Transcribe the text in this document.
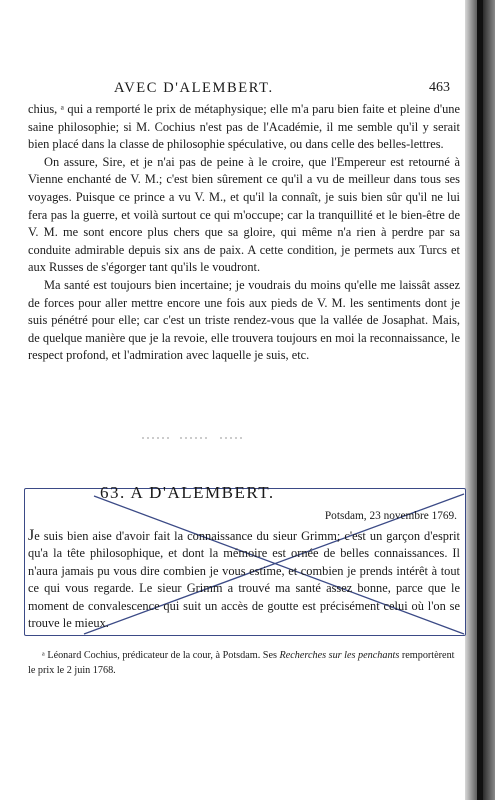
AVEC D'ALEMBERT.	463

chius, ᵃ qui a remporté le prix de métaphysique; elle m'a paru bien faite et pleine d'une saine philosophie; si M. Cochius n'est pas de l'Académie, il me semble qu'il y serait bien placé dans la classe de philosophie spéculative, ou dans celle des belles-lettres.

On assure, Sire, et je n'ai pas de peine à le croire, que l'Empereur est retourné à Vienne enchanté de V. M.; c'est bien sûrement ce qu'il a vu de meilleur dans tous ses voyages. Puisque ce prince a vu V. M., et qu'il la connaît, je suis bien sûr qu'il ne lui fera pas la guerre, et voilà surtout ce qui m'occupe; car la tranquillité et le bien-être de V. M. me sont encore plus chers que sa gloire, qui même n'a rien à perdre par sa conduite admirable depuis six ans de paix. A cette condition, je permets aux Turcs et aux Russes de s'égorger tant qu'ils le voudront.

Ma santé est toujours bien incertaine; je voudrais du moins qu'elle me laissât assez de forces pour aller mettre encore une fois aux pieds de V. M. les sentiments dont je suis pénétré pour elle; car c'est un triste rendez-vous que la vallée de Josaphat. Mais, de quelque manière que je la revoie, elle trouvera toujours en moi la reconnaissance, le respect profond, et l'admiration avec laquelle je suis, etc.

63. A D'ALEMBERT.
Potsdam, 23 novembre 1769.

Je suis bien aise d'avoir fait la connaissance du sieur Grimm; c'est un garçon d'esprit qu'a la tête philosophique, et dont la mémoire est ornée de belles connaissances. Il n'aura jamais pu vous dire combien je vous estime, et combien je prends intérêt à tout ce qui vous regarde. Le sieur Grimm a trouvé ma santé assez bonne, parce que le moment de convalescence qui suit un accès de goutte est précisément celui où l'on se trouve le mieux.

ᵃ Léonard Cochius, prédicateur de la cour, à Potsdam. Ses Recherches sur les penchants remportèrent le prix le 2 juin 1768.
